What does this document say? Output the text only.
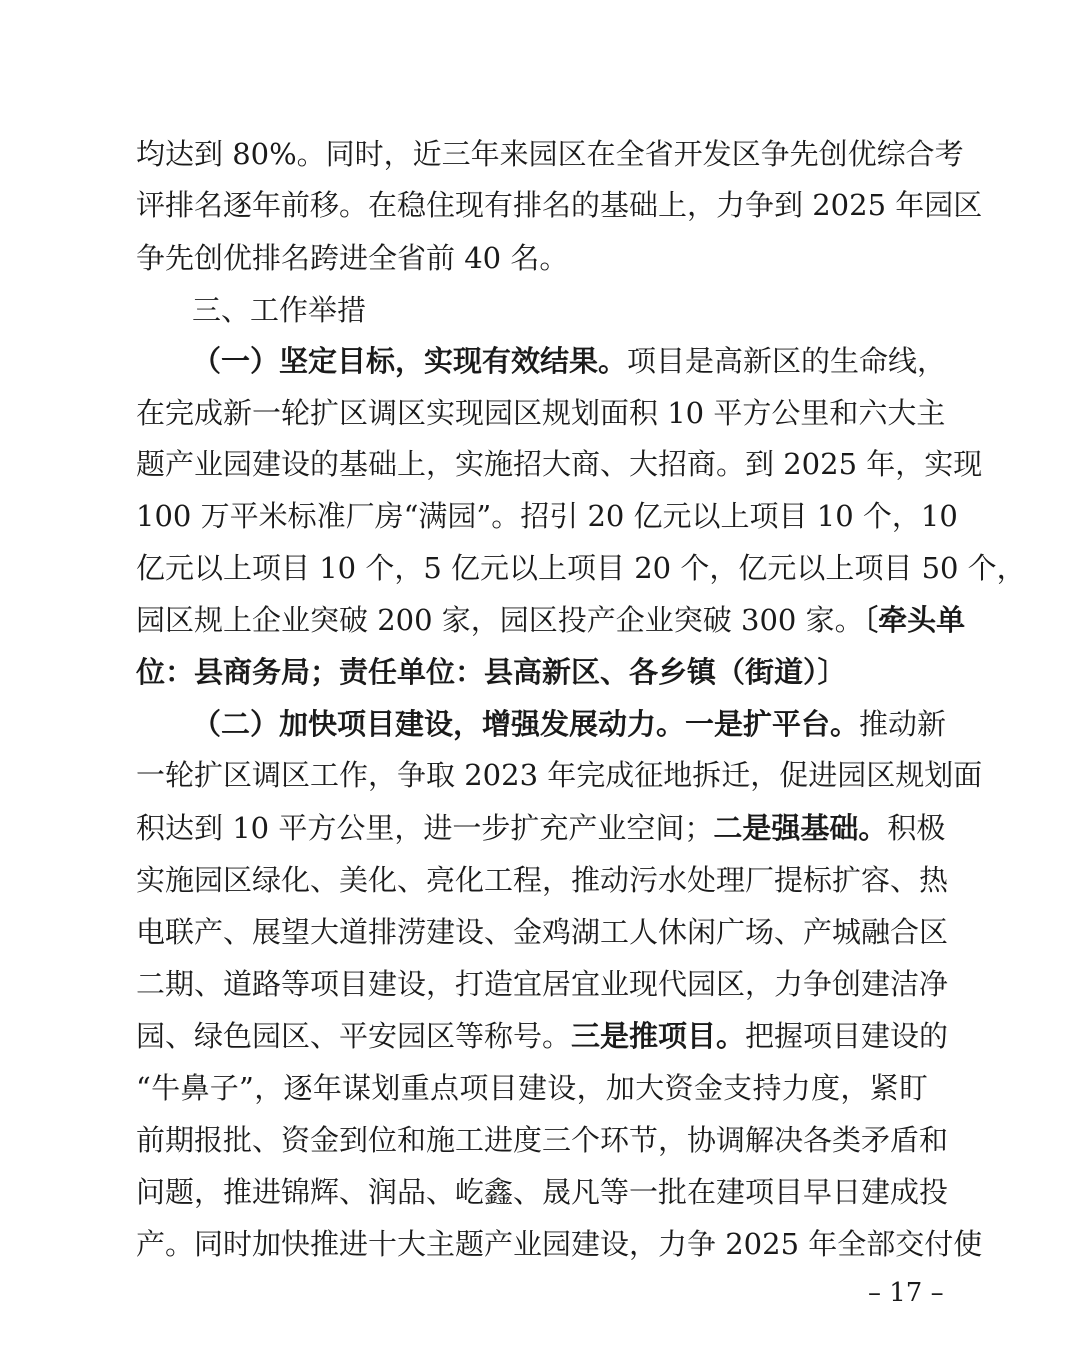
均达到 80%。同时，近三年来园区在全省开发区争先创优综合考
评排名逐年前移。在稳住现有排名的基础上，力争到 2025 年园区
争先创优排名跨进全省前 40 名。
三、工作举措
（一）坚定目标，实现有效结果。项目是高新区的生命线，
在完成新一轮扩区调区实现园区规划面积 10 平方公里和六大主
题产业园建设的基础上，实施招大商、大招商。到 2025 年，实现
100 万平米标准厂房“满园”。招引 20 亿元以上项目 10 个，10
亿元以上项目 10 个，5 亿元以上项目 20 个，亿元以上项目 50 个，
园区规上企业突破 200 家，园区投产企业突破 300 家。〔牵头单
位：县商务局；责任单位：县高新区、各乡镇（街道）〕
（二）加快项目建设，增强发展动力。一是扩平台。推动新
一轮扩区调区工作，争取 2023 年完成征地拆迁，促进园区规划面
积达到 10 平方公里，进一步扩充产业空间；二是强基础。积极
实施园区绿化、美化、亮化工程，推动污水处理厂提标扩容、热
电联产、展望大道排涝建设、金鸡湖工人休闲广场、产城融合区
二期、道路等项目建设，打造宜居宜业现代园区，力争创建洁净
园、绿色园区、平安园区等称号。三是推项目。把握项目建设的
“牛鼻子”，逐年谋划重点项目建设，加大资金支持力度，紧盯
前期报批、资金到位和施工进度三个环节，协调解决各类矛盾和
问题，推进锦辉、润品、屹鑫、晟凡等一批在建项目早日建成投
产。同时加快推进十大主题产业园建设，力争 2025 年全部交付使
– 17 –
